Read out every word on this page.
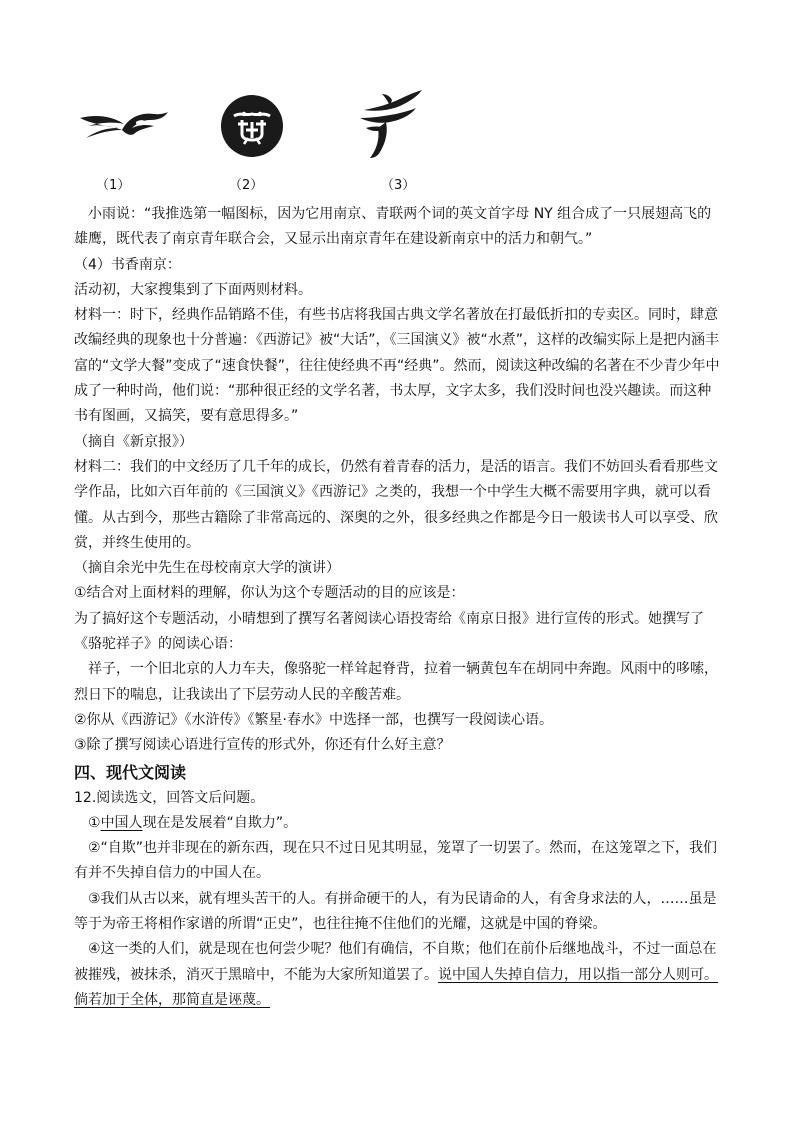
（1）	（2）	（3）

小雨说：“我推选第一幅图标，因为它用南京、青联两个词的英文首字母 NY 组合成了一只展翅高飞的雄鹰，既代表了南京青年联合会，又显示出南京青年在建设新南京中的活力和朝气。”

（4）书香南京：

活动初，大家搜集到了下面两则材料。

材料一：时下，经典作品销路不佳，有些书店将我国古典文学名著放在打最低折扣的专卖区。同时，肆意改编经典的现象也十分普遍：《西游记》被“大话”，《三国演义》被“水煮”，这样的改编实际上是把内涵丰富的“文学大餐”变成了“速食快餐”，往往使经典不再“经典”。然而，阅读这种改编的名著在不少青少年中成了一种时尚，他们说：“那种很正经的文学名著，书太厚，文字太多，我们没时间也没兴趣读。而这种书有图画，又搞笑，要有意思得多。”

（摘自《新京报》）

材料二：我们的中文经历了几千年的成长，仍然有着青春的活力，是活的语言。我们不妨回头看看那些文学作品，比如六百年前的《三国演义》《西游记》之类的，我想一个中学生大概不需要用字典，就可以看懂。从古到今，那些古籍除了非常高远的、深奥的之外，很多经典之作都是今日一般读书人可以享受、欣赏，并终生使用的。

（摘自余光中先生在母校南京大学的演讲）

①结合对上面材料的理解，你认为这个专题活动的目的应该是：

为了搞好这个专题活动，小晴想到了撰写名著阅读心语投寄给《南京日报》进行宣传的形式。她撰写了《骆驼祥子》的阅读心语：

祥子，一个旧北京的人力车夫，像骆驼一样耸起脊背，拉着一辆黄包车在胡同中奔跑。风雨中的哆嗦，烈日下的喘息，让我读出了下层劳动人民的辛酸苦难。

②你从《西游记》《水浒传》《繁星·春水》中选择一部，也撰写一段阅读心语。

③除了撰写阅读心语进行宣传的形式外，你还有什么好主意？

四、现代文阅读

12.阅读选文，回答文后问题。

①中国人现在是发展着“自欺力”。

②“自欺”也并非现在的新东西，现在只不过日见其明显，笼罩了一切罢了。然而，在这笼罩之下，我们有并不失掉自信力的中国人在。

③我们从古以来，就有埋头苦干的人。有拼命硬干的人，有为民请命的人，有舍身求法的人，……虽是等于为帝王将相作家谱的所谓“正史”，也往往掩不住他们的光耀，这就是中国的脊梁。

④这一类的人们，就是现在也何尝少呢？他们有确信，不自欺；他们在前仆后继地战斗，不过一面总在被摧残，被抹杀，消灭于黑暗中，不能为大家所知道罢了。说中国人失掉自信力，用以指一部分人则可。倘若加于全体，那简直是诬蔑。
